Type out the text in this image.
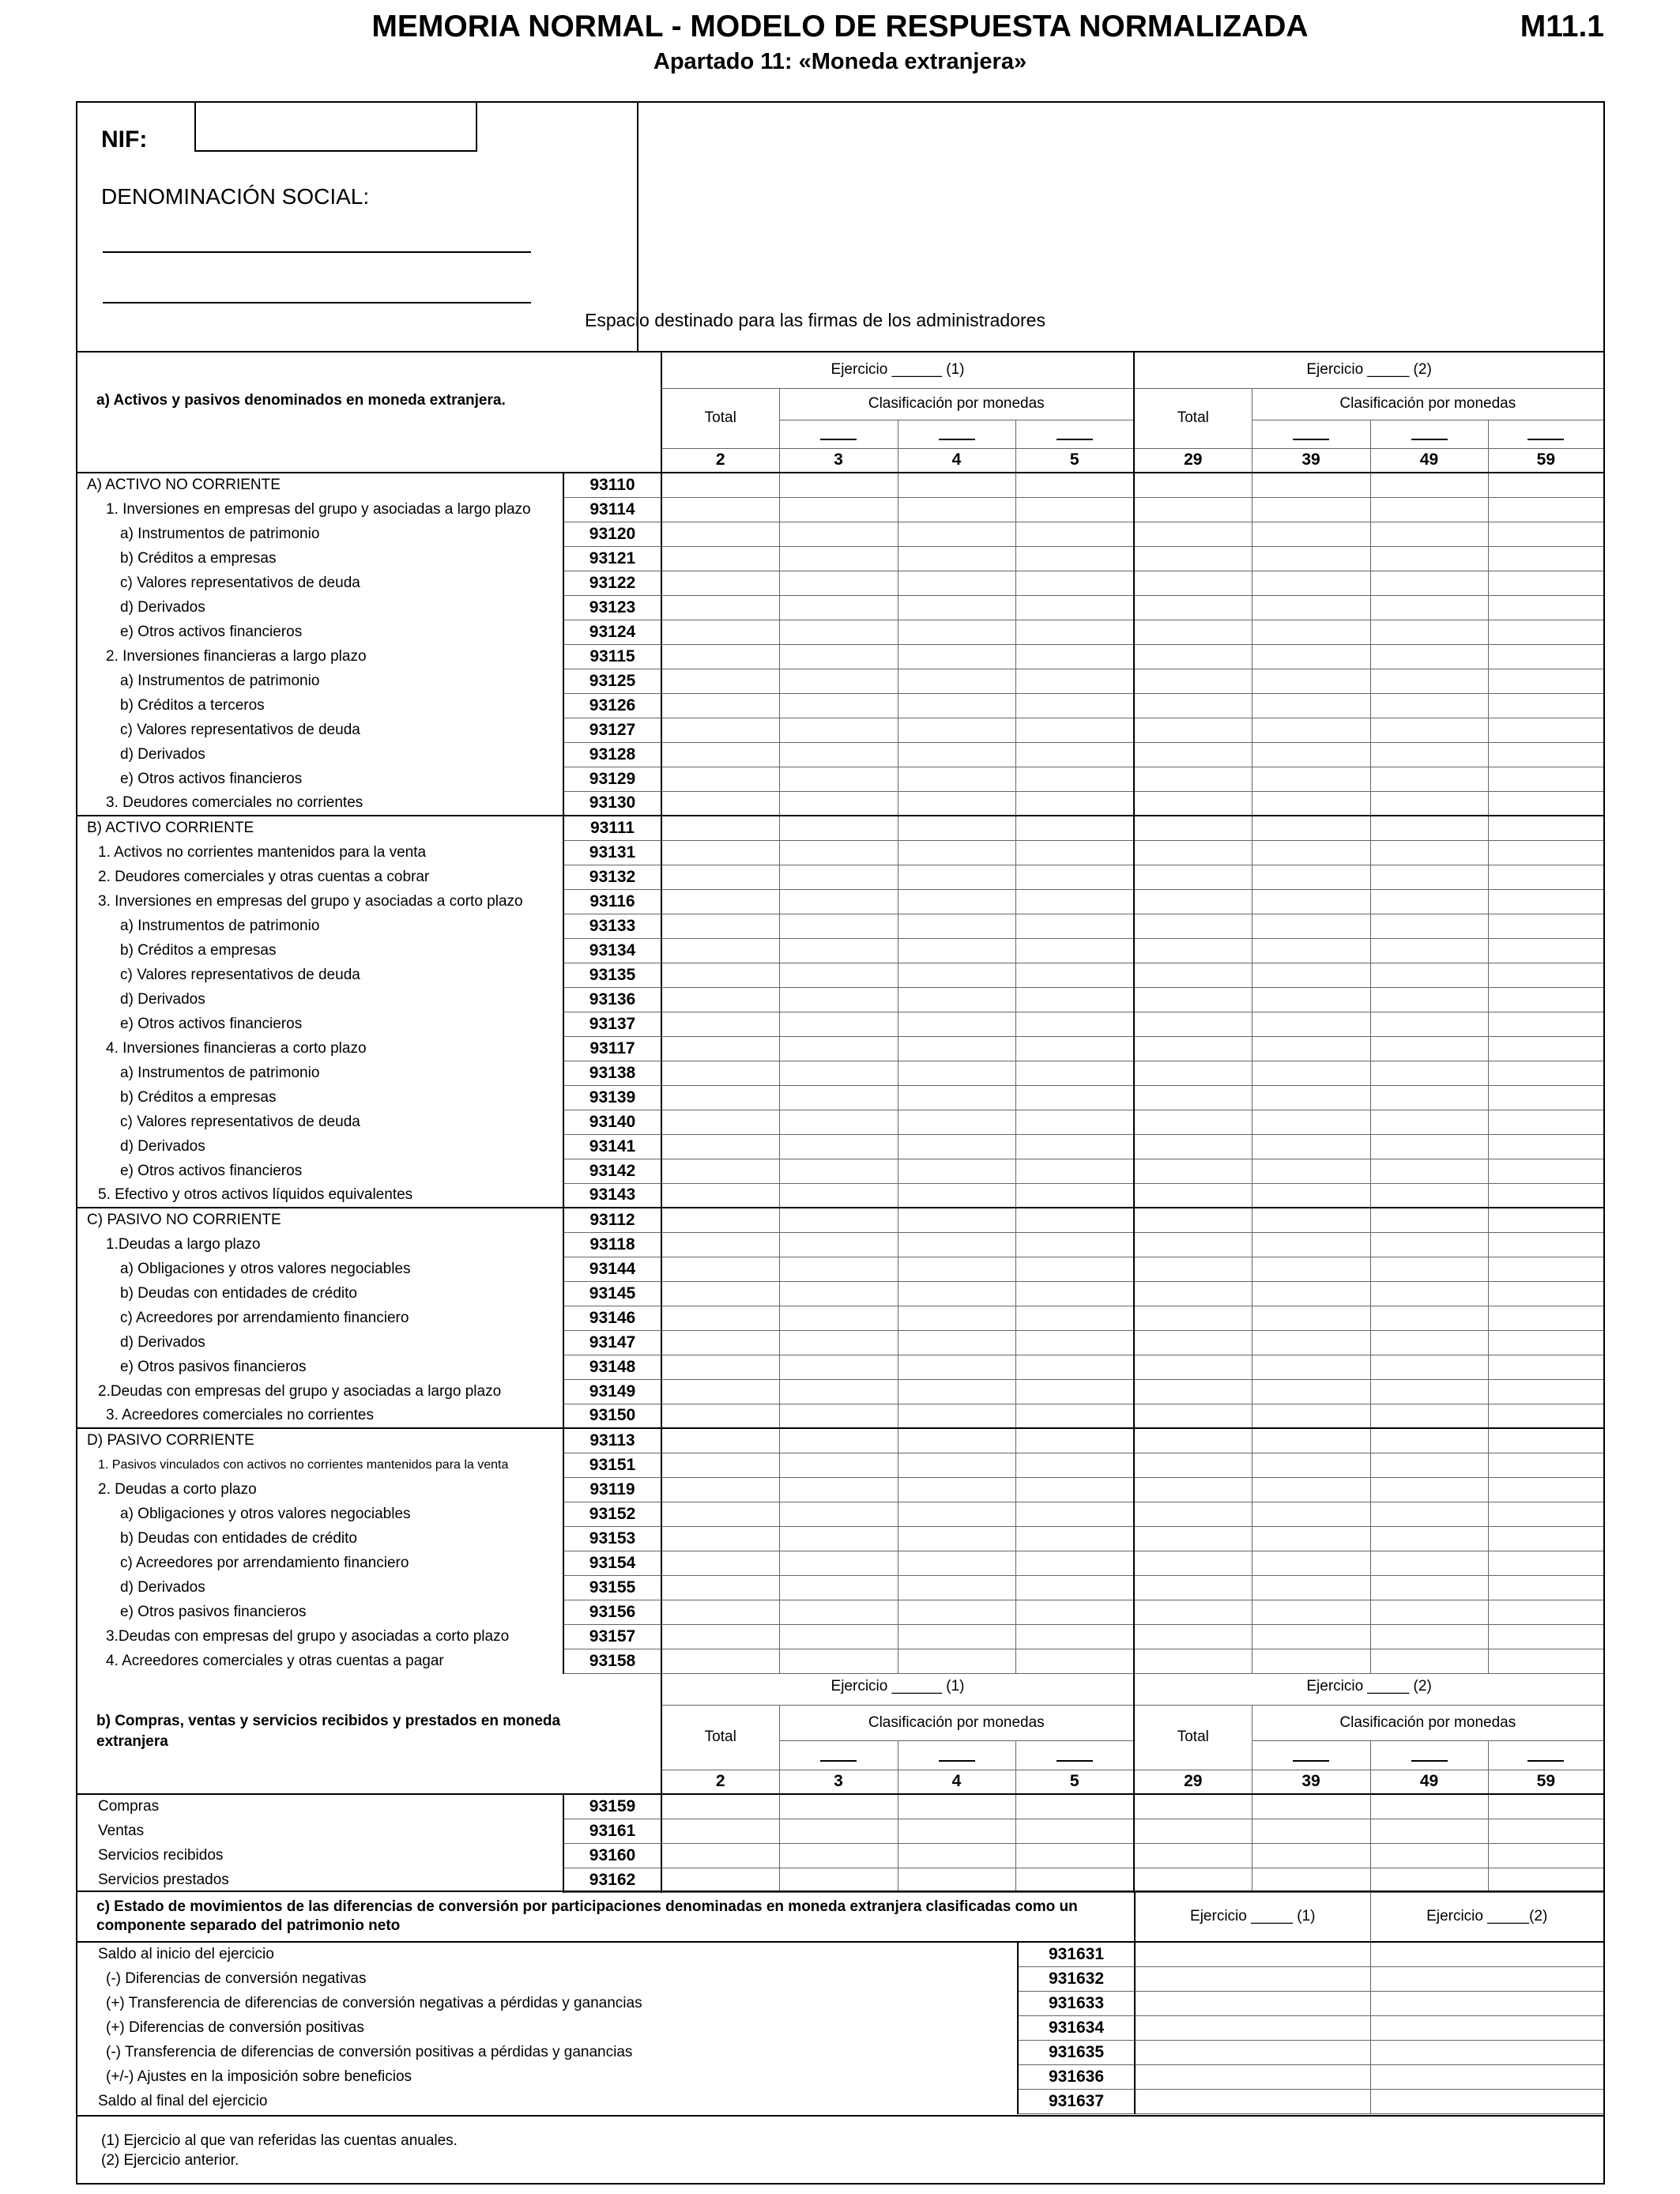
MEMORIA NORMAL - MODELO DE RESPUESTA NORMALIZADA	M11.1
Apartado 11: «Moneda extranjera»
NIF:
DENOMINACIÓN SOCIAL:
Espacio destinado para las firmas de los administradores
a) Activos y pasivos denominados en moneda extranjera.		Ejercicio ______ (1)				Ejercicio _____ (2)			
		Total	Clasificación por monedas			Total	Clasificación por monedas		

		2	3	4	5	29	39	49	59
A) ACTIVO NO CORRIENTE	93110								
1. Inversiones en empresas del grupo y asociadas a largo plazo	93114								
a) Instrumentos de patrimonio	93120								
b) Créditos a empresas	93121								
c) Valores representativos de deuda	93122								
d) Derivados	93123								
e) Otros activos financieros	93124								
2. Inversiones financieras a largo plazo	93115								
a) Instrumentos de patrimonio	93125								
b) Créditos a terceros	93126								
c) Valores representativos de deuda	93127								
d) Derivados	93128								
e) Otros activos financieros	93129								
3. Deudores comerciales no corrientes	93130								
B) ACTIVO CORRIENTE	93111								
1. Activos no corrientes mantenidos para la venta	93131								
2. Deudores comerciales y otras cuentas a cobrar	93132								
3. Inversiones en empresas del grupo y asociadas a corto plazo	93116								
a) Instrumentos de patrimonio	93133								
b) Créditos a empresas	93134								
c) Valores representativos de deuda	93135								
d) Derivados	93136								
e) Otros activos financieros	93137								
4. Inversiones financieras a corto plazo	93117								
a) Instrumentos de patrimonio	93138								
b) Créditos a empresas	93139								
c) Valores representativos de deuda	93140								
d) Derivados	93141								
e) Otros activos financieros	93142								
5. Efectivo y otros activos líquidos equivalentes	93143								
C) PASIVO NO CORRIENTE	93112								
1.Deudas a largo plazo	93118								
a) Obligaciones y otros valores negociables	93144								
b) Deudas con entidades de crédito	93145								
c) Acreedores por arrendamiento financiero	93146								
d) Derivados	93147								
e) Otros pasivos financieros	93148								
2.Deudas con empresas del grupo y asociadas a largo plazo	93149								
3. Acreedores comerciales no corrientes	93150								
D) PASIVO CORRIENTE	93113								
1. Pasivos vinculados con activos no corrientes mantenidos para la venta	93151								
2. Deudas a corto plazo	93119								
a) Obligaciones y otros valores negociables	93152								
b) Deudas con entidades de crédito	93153								
c) Acreedores por arrendamiento financiero	93154								
d) Derivados	93155								
e) Otros pasivos financieros	93156								
3.Deudas con empresas del grupo y asociadas a corto plazo	93157								
4. Acreedores comerciales y otras cuentas a pagar	93158								
b) Compras, ventas y servicios recibidos y prestados en moneda extranjera		Ejercicio ______ (1)				Ejercicio _____ (2)			
		Total	Clasificación por monedas			Total	Clasificación por monedas		

		2	3	4	5	29	39	49	59
Compras	93159								
Ventas	93161								
Servicios recibidos	93160								
Servicios prestados	93162								
c) Estado de movimientos de las diferencias de conversión por participaciones denominadas en moneda extranjera clasificadas como un componente separado del patrimonio neto		Ejercicio _____ (1)	Ejercicio _____(2)
Saldo al inicio del ejercicio	931631		
(-) Diferencias de conversión negativas	931632		
(+) Transferencia de diferencias de conversión negativas a pérdidas y ganancias	931633		
(+) Diferencias de conversión positivas	931634		
(-) Transferencia de diferencias de conversión positivas a pérdidas y ganancias	931635		
(+/-) Ajustes en la imposición sobre beneficios	931636		
Saldo al final del ejercicio	931637		
(1) Ejercicio al que van referidas las cuentas anuales.
(2) Ejercicio anterior.
